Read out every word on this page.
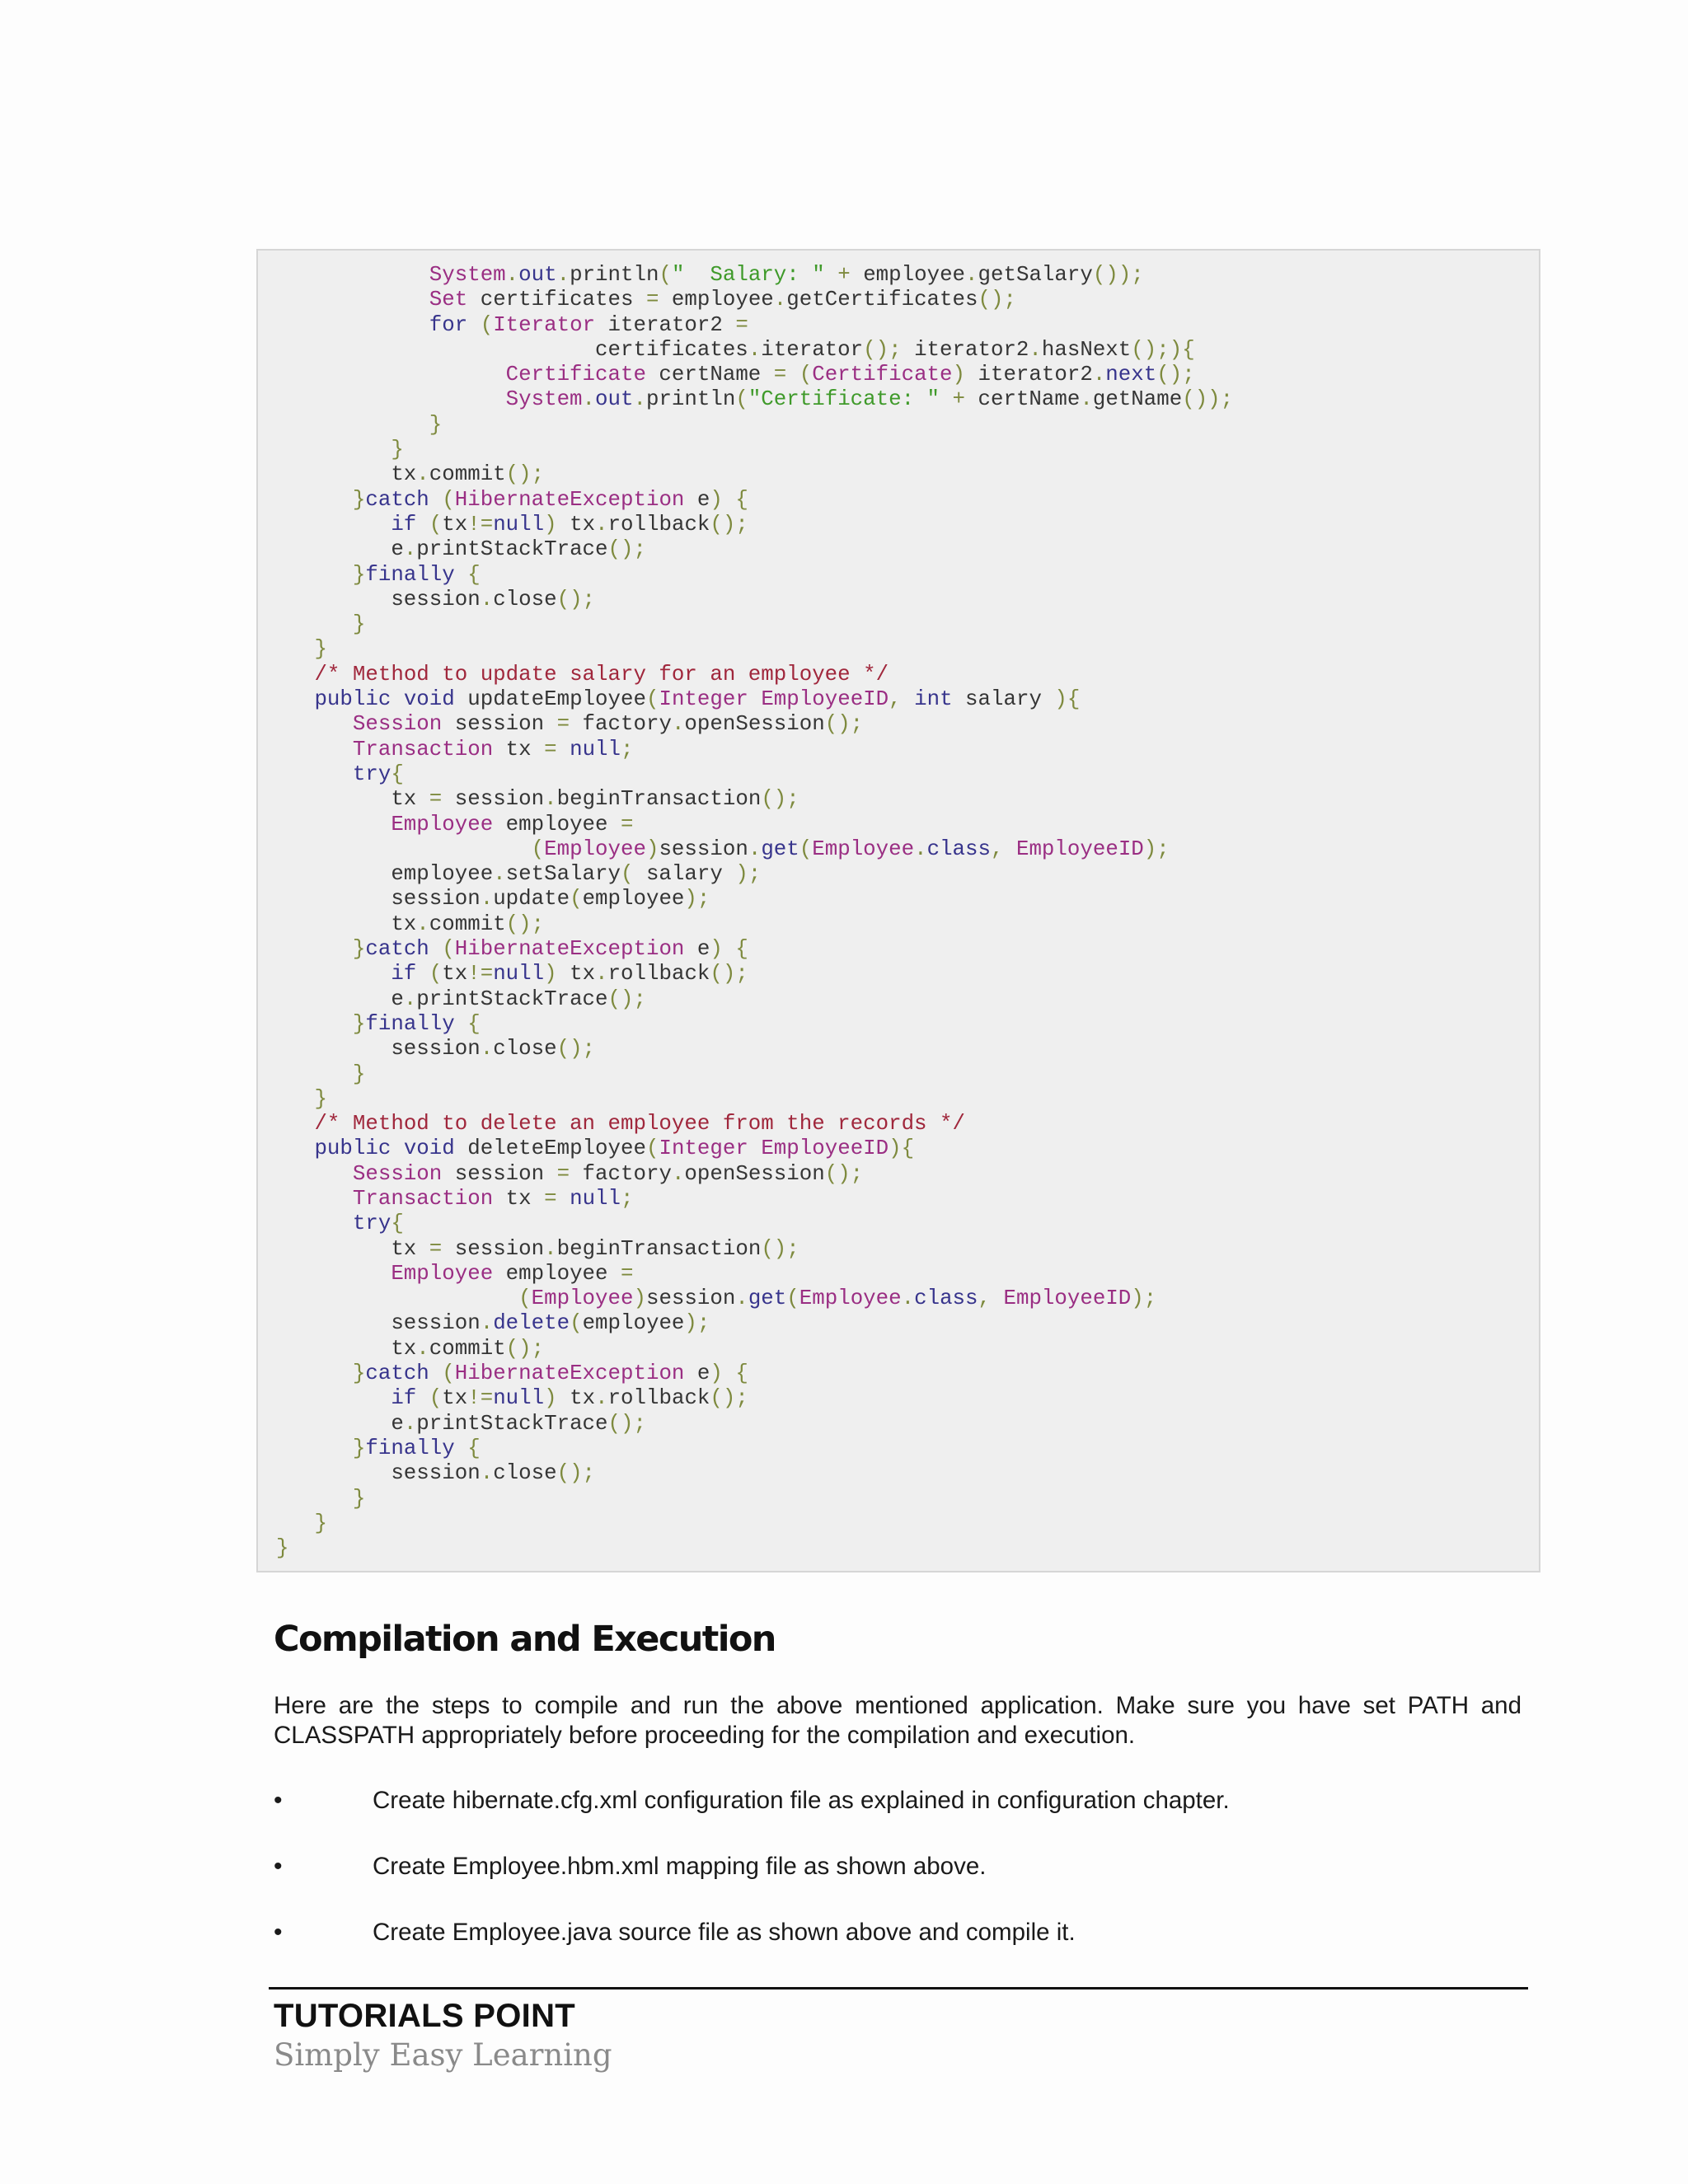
System.out.println("  Salary: " + employee.getSalary());
Set certificates = employee.getCertificates();
for (Iterator iterator2 =
certificates.iterator(); iterator2.hasNext();){
Certificate certName = (Certificate) iterator2.next();
System.out.println("Certificate: " + certName.getName());
}
}
tx.commit();
}catch (HibernateException e) {
if (tx!=null) tx.rollback();
e.printStackTrace();
}finally {
session.close();
}
}
/* Method to update salary for an employee */
public void updateEmployee(Integer EmployeeID, int salary ){
Session session = factory.openSession();
Transaction tx = null;
try{
tx = session.beginTransaction();
Employee employee =
(Employee)session.get(Employee.class, EmployeeID);
employee.setSalary( salary );
session.update(employee);
tx.commit();
}catch (HibernateException e) {
if (tx!=null) tx.rollback();
e.printStackTrace();
}finally {
session.close();
}
}
/* Method to delete an employee from the records */
public void deleteEmployee(Integer EmployeeID){
Session session = factory.openSession();
Transaction tx = null;
try{
tx = session.beginTransaction();
Employee employee =
(Employee)session.get(Employee.class, EmployeeID);
session.delete(employee);
tx.commit();
}catch (HibernateException e) {
if (tx!=null) tx.rollback();
e.printStackTrace();
}finally {
session.close();
}
}
}
Compilation and Execution

Here are the steps to compile and run the above mentioned application. Make sure you have set PATH and CLASSPATH appropriately before proceeding for the compilation and execution.

•	Create hibernate.cfg.xml configuration file as explained in configuration chapter.
•	Create Employee.hbm.xml mapping file as shown above.
•	Create Employee.java source file as shown above and compile it.
TUTORIALS POINT
Simply Easy Learning
